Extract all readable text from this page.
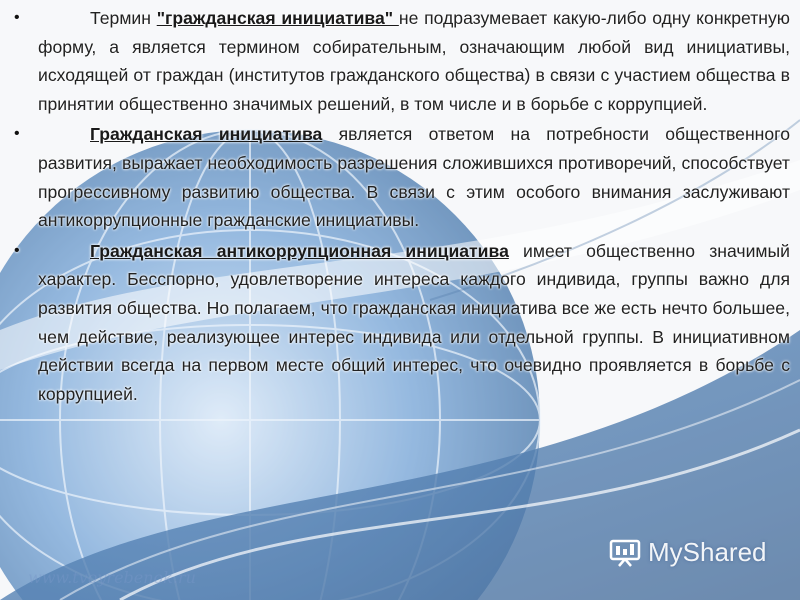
•	Термин "гражданская инициатива" не подразумевает какую-либо одну конкретную форму, а является термином собирательным, означающим любой вид инициативы, исходящей от граждан (институтов гражданского общества) в связи с участием общества в принятии общественно значимых решений, в том числе и в борьбе с коррупцией.
•	Гражданская инициатива является ответом на потребности общественного развития, выражает необходимость разрешения сложившихся противоречий, способствует прогрессивному развитию общества. В связи с этим особого внимания заслуживают антикоррупционные гражданские инициативы.
•	Гражданская антикоррупционная инициатива имеет общественно значимый характер. Бесспорно, удовлетворение интереса каждого индивида, группы важно для развития общества. Но полагаем, что гражданская инициатива все же есть нечто большее, чем действие, реализующее интерес индивида или отдельной группы. В инициативном действии всегда на первом месте общий интерес, что очевидно проявляется в борьбе с коррупцией.
www.tvoyrebenok.ru
MyShared
